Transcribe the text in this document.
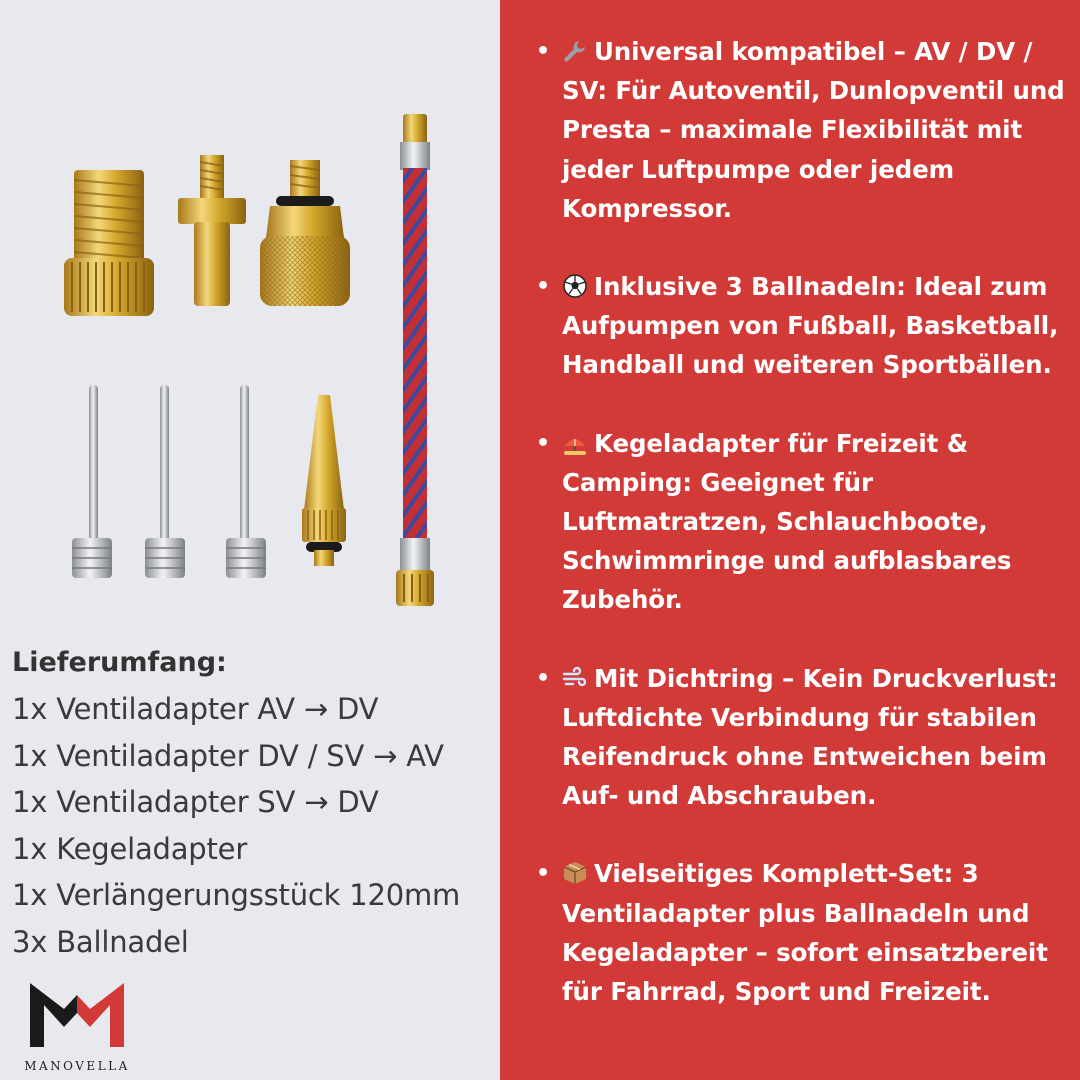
Lieferumfang:
1x Ventiladapter AV → DV
1x Ventiladapter DV / SV → AV
1x Ventiladapter SV → DV
1x Kegeladapter
1x Verlängerungsstück 120mm
3x Ballnadel
MANOVELLA
• Universal kompatibel – AV / DV / SV: Für Autoventil, Dunlopventil und Presta – maximale Flexibilität mit jeder Luftpumpe oder jedem Kompressor.
• Inklusive 3 Ballnadeln: Ideal zum Aufpumpen von Fußball, Basketball, Handball und weiteren Sportbällen.
• Kegeladapter für Freizeit & Camping: Geeignet für Luftmatratzen, Schlauchboote, Schwimmringe und aufblasbares Zubehör.
• Mit Dichtring – Kein Druckverlust: Luftdichte Verbindung für stabilen Reifendruck ohne Entweichen beim Auf- und Abschrauben.
• Vielseitiges Komplett-Set: 3 Ventiladapter plus Ballnadeln und Kegeladapter – sofort einsatzbereit für Fahrrad, Sport und Freizeit.
